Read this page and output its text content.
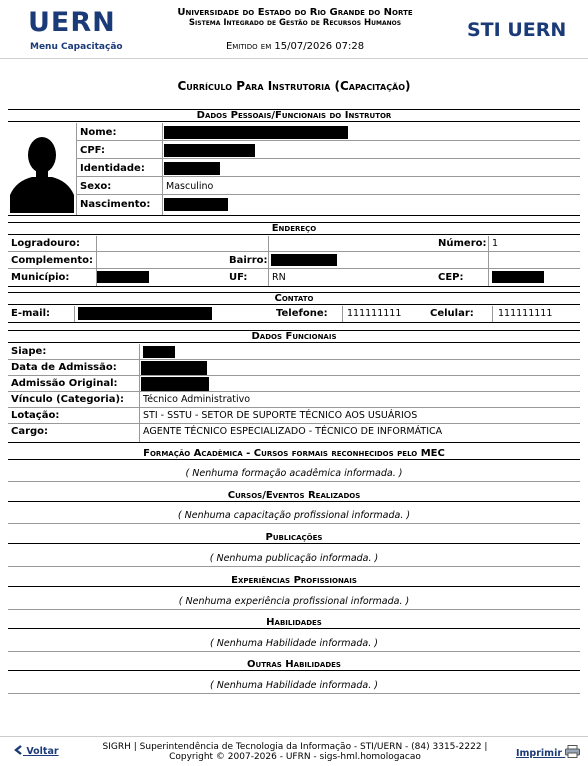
UERN
Menu Capacitação
Universidade do Estado do Rio Grande do Norte
Sistema Integrado de Gestão de Recursos Humanos
Emitido em 15/07/2026 07:28
STI UERN
Currículo Para Instrutoria (Capacitação)
Dados Pessoais/Funcionais do Instrutor
Nome:
CPF:
Identidade:
Sexo:	Masculino
Nascimento:
Endereço
Logradouro:	Número: 1
Complemento:	Bairro:
Município:	UF:	RN	CEP:
Contato
E-mail:	Telefone: 111111111	Celular:	111111111
Dados Funcionais
Siape:
Data de Admissão:
Admissão Original:
Vínculo (Categoria): Técnico Administrativo
Lotação:	STI - SSTU - SETOR DE SUPORTE TÉCNICO AOS USUÁRIOS
Cargo:	AGENTE TÉCNICO ESPECIALIZADO - TÉCNICO DE INFORMÁTICA
Formação Acadêmica - Cursos formais reconhecidos pelo MEC
( Nenhuma formação acadêmica informada. )
Cursos/Eventos Realizados
( Nenhuma capacitação profissional informada. )
Publicações
( Nenhuma publicação informada. )
Experiências Profissionais
( Nenhuma experiência profissional informada. )
Habilidades
( Nenhuma Habilidade informada. )
Outras Habilidades
( Nenhuma Habilidade informada. )
Voltar	SIGRH | Superintendência de Tecnologia da Informação - STI/UERN - (84) 3315-2222 |
Copyright © 2007-2026 - UFRN - sigs-hml.homologacao	Imprimir
